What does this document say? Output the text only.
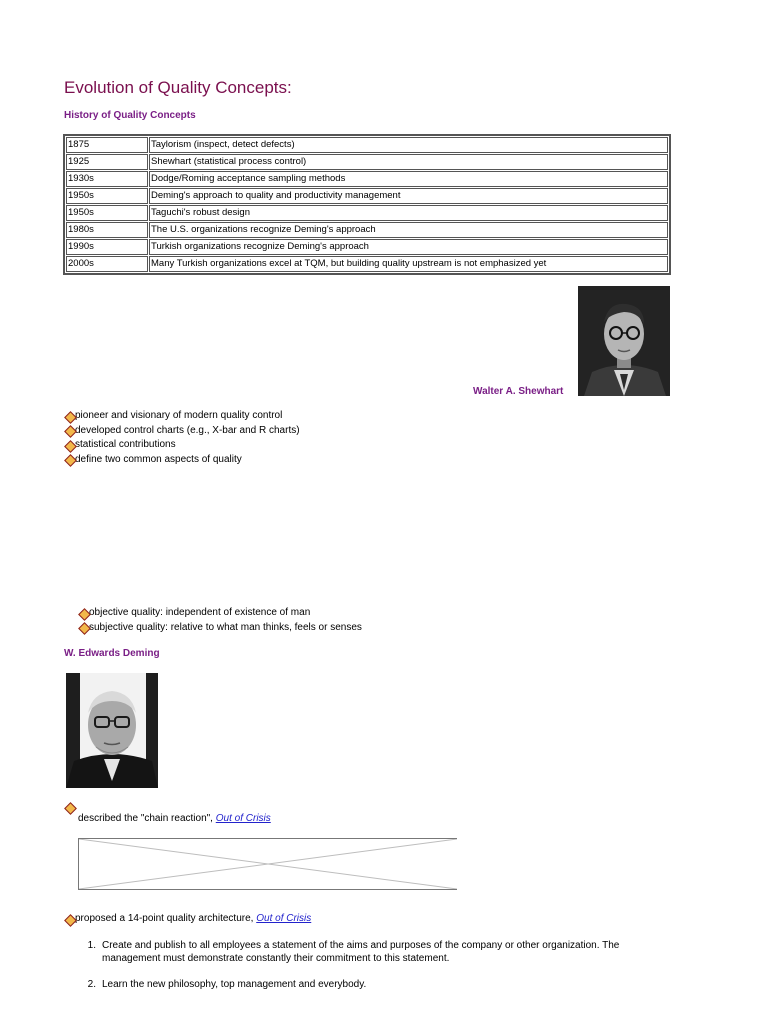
Evolution of Quality Concepts:
History of Quality Concepts
1875	Taylorism (inspect, detect defects)
1925	Shewhart (statistical process control)
1930s	Dodge/Roming acceptance sampling methods
1950s	Deming's approach to quality and productivity management
1950s	Taguchi's robust design
1980s	The U.S. organizations recognize Deming's approach
1990s	Turkish organizations recognize Deming's approach
2000s	Many Turkish organizations excel at TQM, but building quality upstream is not emphasized yet
Walter A. Shewhart
pioneer and visionary of modern quality control
developed control charts (e.g., X-bar and R charts)
statistical contributions
define two common aspects of quality
objective quality: independent of existence of man
subjective quality: relative to what man thinks, feels or senses
W. Edwards Deming
described the "chain reaction", Out of Crisis
proposed a 14-point quality architecture,
Out of Crisis
1. Create and publish to all employees a statement of the aims and purposes of the company or other organization. The management must demonstrate constantly their commitment to this statement.
2. Learn the new philosophy, top management and everybody.
